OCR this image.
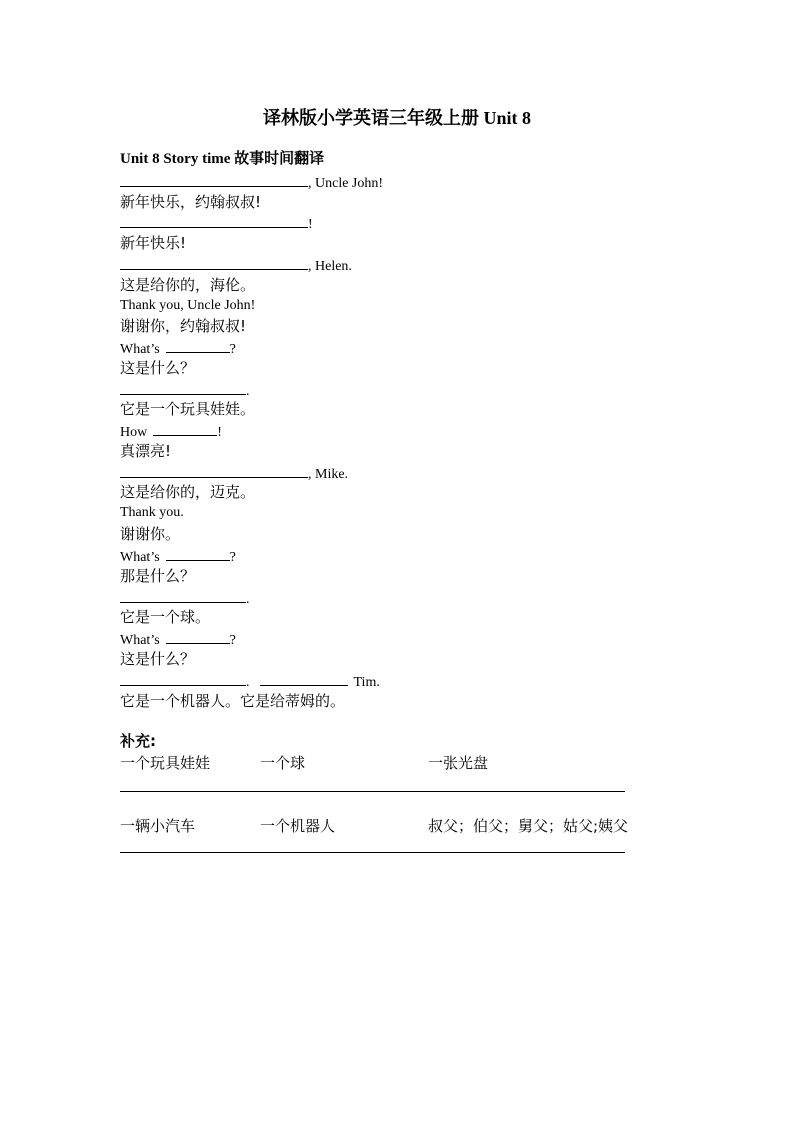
译林版小学英语三年级上册 Unit 8
Unit 8 Story time 故事时间翻译
, Uncle John!
新年快乐，约翰叔叔!
!
新年快乐!
, Helen.
这是给你的，海伦。
Thank you, Uncle John!
谢谢你，约翰叔叔!
What’s	?
这是什么？
.
它是一个玩具娃娃。
How	!
真漂亮!
, Mike.
这是给你的，迈克。
Thank you.
谢谢你。
What’s	?
那是什么？
.
它是一个球。
What’s	?
这是什么？
.	Tim.
它是一个机器人。它是给蒂姆的。
补充:
一个玩具娃娃	一个球	一张光盘
一辆小汽车	一个机器人	叔父；伯父；舅父；姑父;姨父
